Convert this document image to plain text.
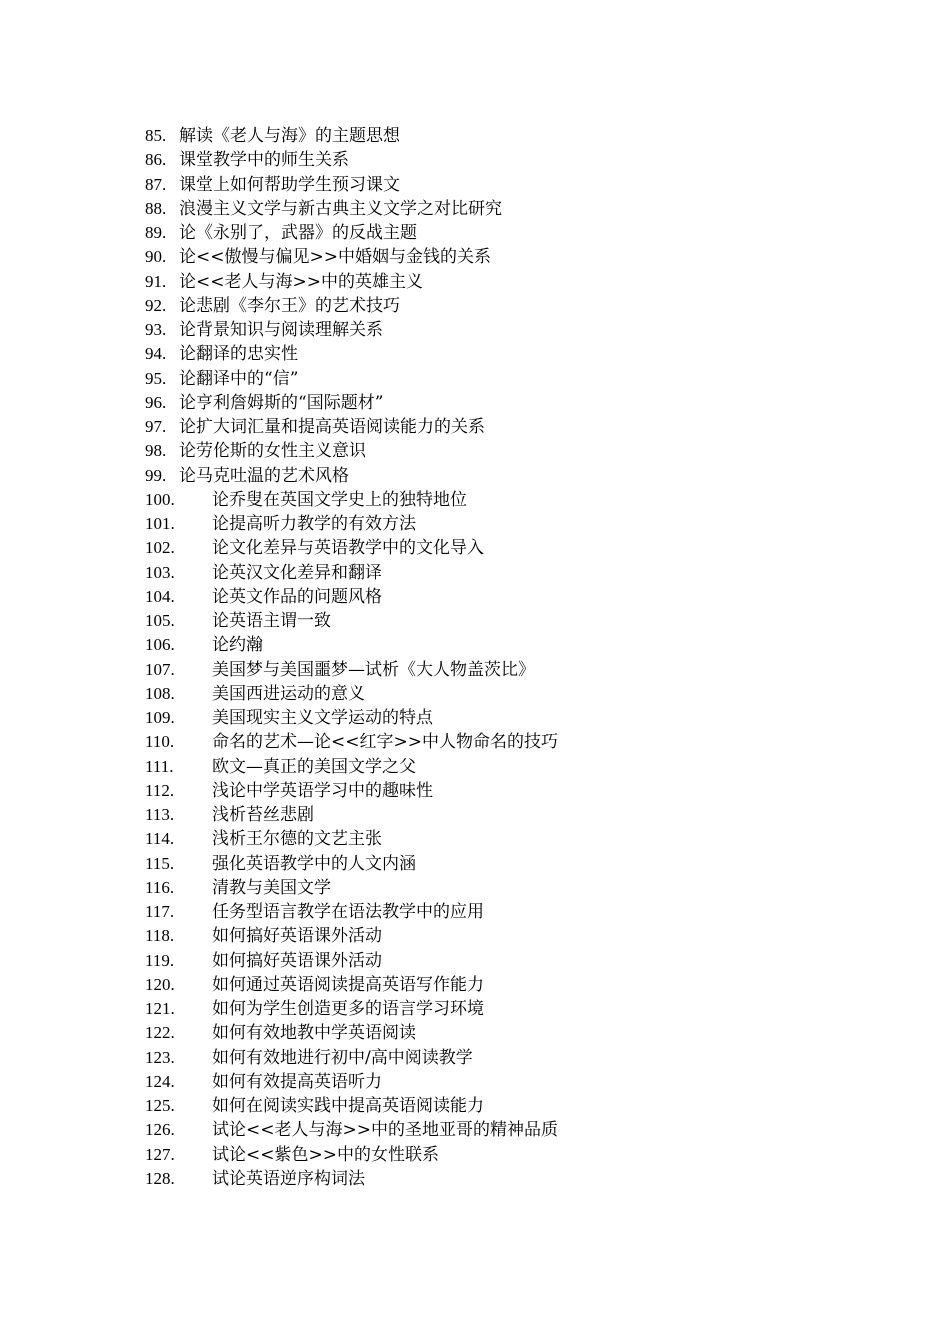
85. 解读《老人与海》的主题思想
86. 课堂教学中的师生关系
87. 课堂上如何帮助学生预习课文
88. 浪漫主义文学与新古典主义文学之对比研究
89. 论《永别了，武器》的反战主题
90. 论<<傲慢与偏见>>中婚姻与金钱的关系
91. 论<<老人与海>>中的英雄主义
92. 论悲剧《李尔王》的艺术技巧
93. 论背景知识与阅读理解关系
94. 论翻译的忠实性
95. 论翻译中的“信”
96. 论亨利詹姆斯的“国际题材”
97. 论扩大词汇量和提高英语阅读能力的关系
98. 论劳伦斯的女性主义意识
99. 论马克吐温的艺术风格
100.	论乔叟在英国文学史上的独特地位
101.	论提高听力教学的有效方法
102.	论文化差异与英语教学中的文化导入
103.	论英汉文化差异和翻译
104.	论英文作品的问题风格
105.	论英语主谓一致
106.	论约瀚
107.	美国梦与美国噩梦—试析《大人物盖茨比》
108.	美国西进运动的意义
109.	美国现实主义文学运动的特点
110.	命名的艺术—论<<红字>>中人物命名的技巧
111.	欧文—真正的美国文学之父
112.	浅论中学英语学习中的趣味性
113.	浅析苔丝悲剧
114.	浅析王尔德的文艺主张
115.	强化英语教学中的人文内涵
116.	清教与美国文学
117.	任务型语言教学在语法教学中的应用
118.	如何搞好英语课外活动
119.	如何搞好英语课外活动
120.	如何通过英语阅读提高英语写作能力
121.	如何为学生创造更多的语言学习环境
122.	如何有效地教中学英语阅读
123.	如何有效地进行初中/高中阅读教学
124.	如何有效提高英语听力
125.	如何在阅读实践中提高英语阅读能力
126.	试论<<老人与海>>中的圣地亚哥的精神品质
127.	试论<<紫色>>中的女性联系
128.	试论英语逆序构词法
